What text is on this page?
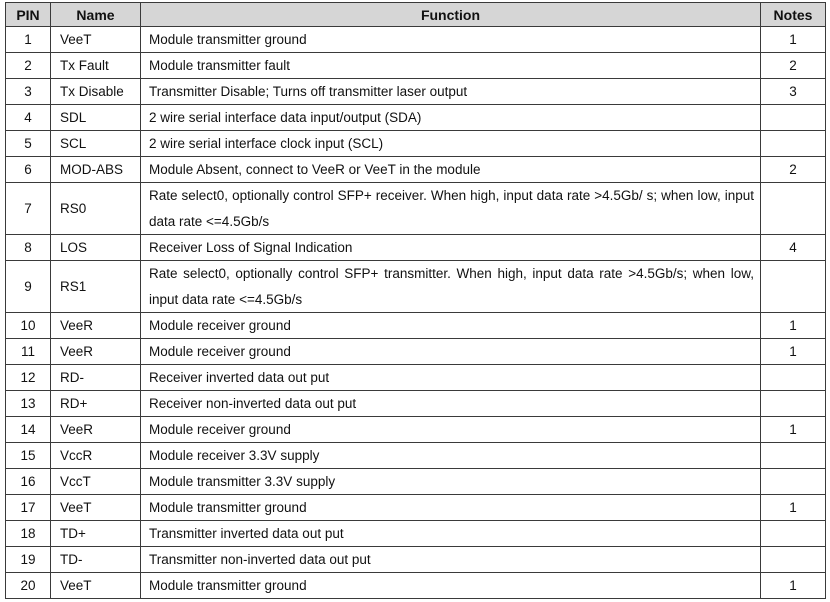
PIN	Name	Function	Notes
1	VeeT	Module transmitter ground	1
2	Tx Fault	Module transmitter fault	2
3	Tx Disable	Transmitter Disable; Turns off transmitter laser output	3
4	SDL	2 wire serial interface data input/output (SDA)	
5	SCL	2 wire serial interface clock input (SCL)	
6	MOD-ABS	Module Absent, connect to VeeR or VeeT in the module	2
7	RS0	Rate select0, optionally control SFP+ receiver. When high, input data rate >4.5Gb/ s; when low, input data rate <=4.5Gb/s	
8	LOS	Receiver Loss of Signal Indication	4
9	RS1	Rate select0, optionally control SFP+ transmitter. When high, input data rate >4.5Gb/s; when low, input data rate <=4.5Gb/s	
10	VeeR	Module receiver ground	1
11	VeeR	Module receiver ground	1
12	RD-	Receiver inverted data out put	
13	RD+	Receiver non-inverted data out put	
14	VeeR	Module receiver ground	1
15	VccR	Module receiver 3.3V supply	
16	VccT	Module transmitter 3.3V supply	
17	VeeT	Module transmitter ground	1
18	TD+	Transmitter inverted data out put	
19	TD-	Transmitter non-inverted data out put	
20	VeeT	Module transmitter ground	1
